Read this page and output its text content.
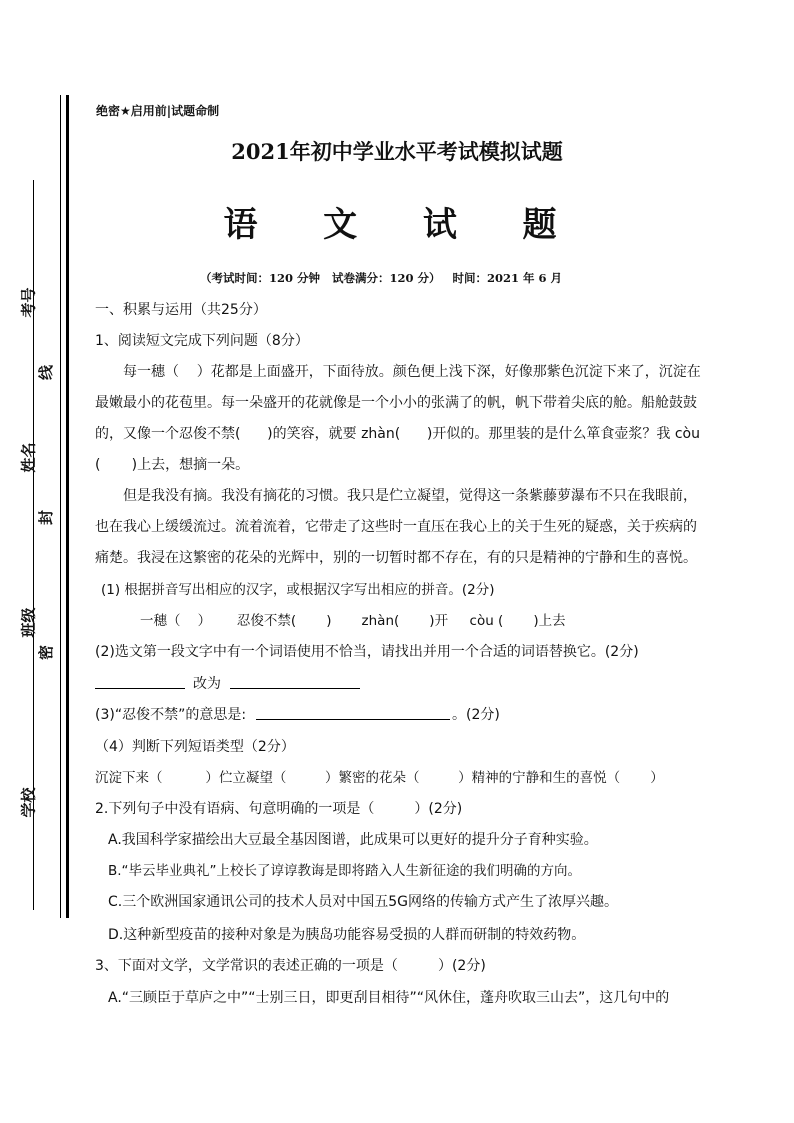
考号
线
姓名
封
班级
密
学校
绝密★启用前|试题命制
2021年初中学业水平考试模拟试题
语  文  试  题
（考试时间：120 分钟   试卷满分：120 分）   时间：2021 年 6 月
一、积累与运用（共25分）
1、阅读短文完成下列问题（8分）
每一穗（    ）花都是上面盛开，下面待放。颜色便上浅下深，好像那紫色沉淀下来了，沉淀在
最嫩最小的花苞里。每一朵盛开的花就像是一个小小的张满了的帆，帆下带着尖底的舱。船舱鼓鼓
的，又像一个忍俊不禁(      )的笑容，就要 zhàn(      )开似的。那里装的是什么箪食壶浆？我 còu
(       )上去，想摘一朵。
但是我没有摘。我没有摘花的习惯。我只是伫立凝望，觉得这一条紫藤萝瀑布不只在我眼前，
也在我心上缓缓流过。流着流着，它带走了这些时一直压在我心上的关于生死的疑惑，关于疾病的
痛楚。我浸在这繁密的花朵的光辉中，别的一切暂时都不存在，有的只是精神的宁静和生的喜悦。
(1) 根据拼音写出相应的汉字，或根据汉字写出相应的拼音。(2分)
一穗（    ）      忍俊不禁(       )       zhàn(       )开     còu (       )上去
(2)选文第一段文字中有一个词语使用不恰当，请找出并用一个合适的词语替换它。(2分)
改为
(3)“忍俊不禁”的意思是:	。(2分)
（4）判断下列短语类型（2分）
沉淀下来（          ）伫立凝望（         ）繁密的花朵（         ）精神的宁静和生的喜悦（       ）
2.下列句子中没有语病、句意明确的一项是（         ）(2分)
A.我国科学家描绘出大豆最全基因图谱，此成果可以更好的提升分子育种实验。
B.“毕云毕业典礼”上校长了谆谆教诲是即将踏入人生新征途的我们明确的方向。
C.三个欧洲国家通讯公司的技术人员对中国五5G网络的传输方式产生了浓厚兴趣。
D.这种新型疫苗的接种对象是为胰岛功能容易受损的人群而研制的特效药物。
3、下面对文学，文学常识的表述正确的一项是（         ）(2分)
A.“三顾臣于草庐之中”“士别三日，即更刮目相待”“风休住，蓬舟吹取三山去”，这几句中的
